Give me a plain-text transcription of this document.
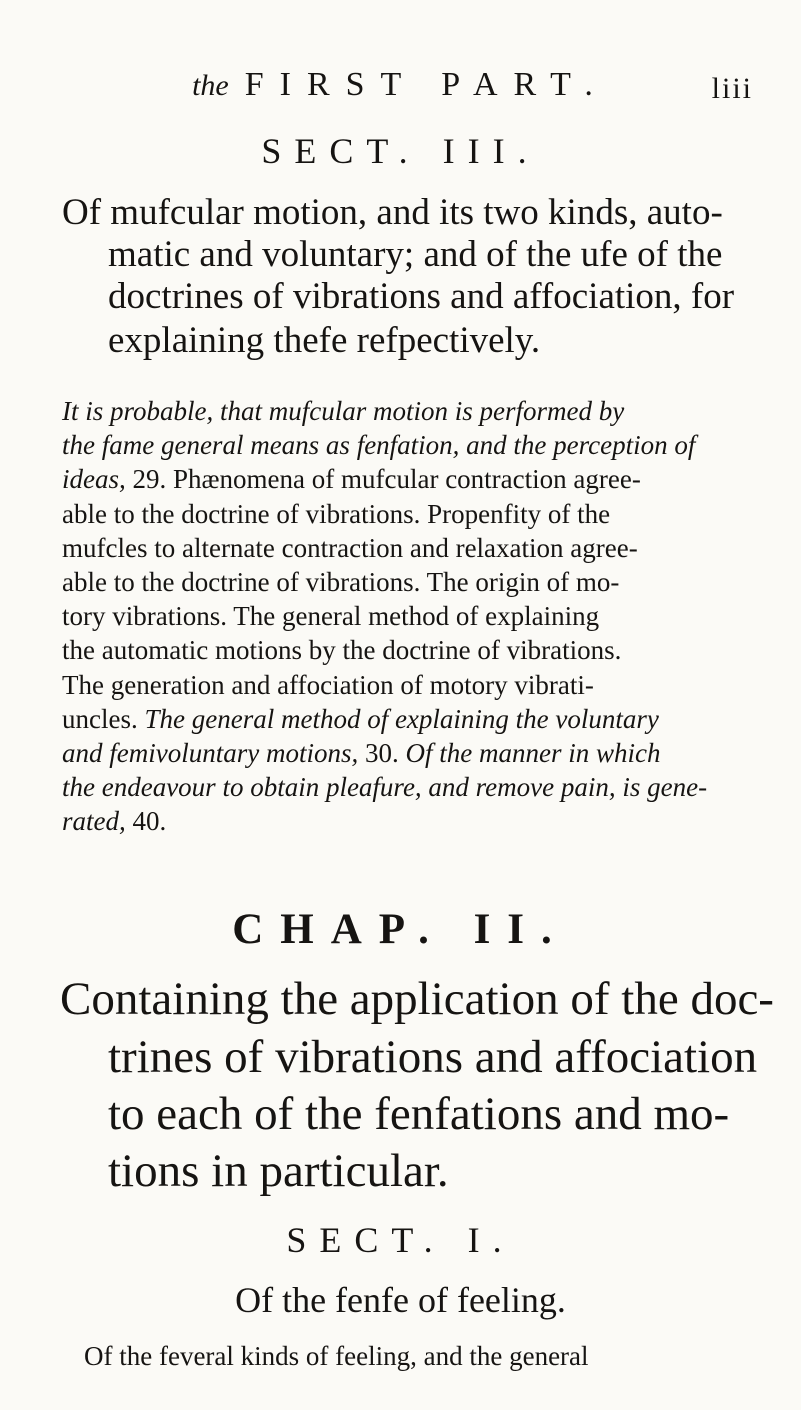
the FIRST PART.	liii
SECT. III.
Of mufcular motion, and its two kinds, auto-
matic and voluntary; and of the ufe of the
doctrines of vibrations and affociation, for
explaining thefe refpectively.
It is probable, that mufcular motion is performed by
the fame general means as fenfation, and the perception of
ideas, 29. Phænomena of mufcular contraction agree-
able to the doctrine of vibrations. Propenfity of the
mufcles to alternate contraction and relaxation agree-
able to the doctrine of vibrations. The origin of mo-
tory vibrations. The general method of explaining
the automatic motions by the doctrine of vibrations.
The generation and affociation of motory vibrati-
uncles. The general method of explaining the voluntary
and femivoluntary motions, 30. Of the manner in which
the endeavour to obtain pleafure, and remove pain, is gene-
rated, 40.
CHAP. II.
Containing the application of the doc-
trines of vibrations and affociation
to each of the fenfations and mo-
tions in particular.
SECT. I.
Of the fenfe of feeling.
Of the feveral kinds of feeling, and the general
